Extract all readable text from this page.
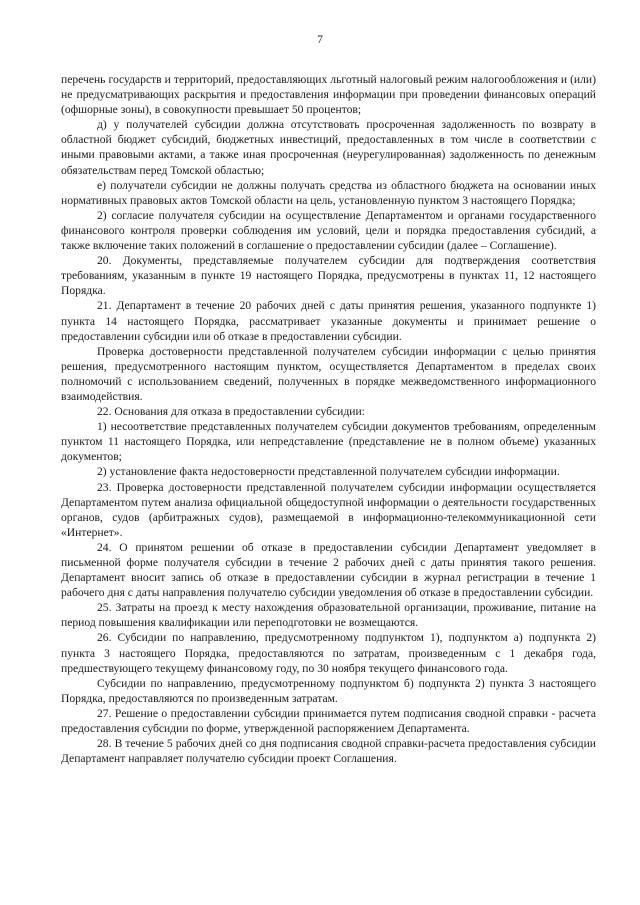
7

перечень государств и территорий, предоставляющих льготный налоговый режим налогообложения и (или) не предусматривающих раскрытия и предоставления информации при проведении финансовых операций (офшорные зоны), в совокупности превышает 50 процентов;

д) у получателей субсидии должна отсутствовать просроченная задолженность по возврату в областной бюджет субсидий, бюджетных инвестиций, предоставленных в том числе в соответствии с иными правовыми актами, а также иная просроченная (неурегулированная) задолженность по денежным обязательствам перед Томской областью;

е) получатели субсидии не должны получать средства из областного бюджета на основании иных нормативных правовых актов Томской области на цель, установленную пунктом 3 настоящего Порядка;

2) согласие получателя субсидии на осуществление Департаментом и органами государственного финансового контроля проверки соблюдения им условий, цели и порядка предоставления субсидий, а также включение таких положений в соглашение о предоставлении субсидии (далее – Соглашение).

20. Документы, представляемые получателем субсидии для подтверждения соответствия требованиям, указанным в пункте 19 настоящего Порядка, предусмотрены в пунктах 11, 12 настоящего Порядка.

21. Департамент в течение 20 рабочих дней с даты принятия решения, указанного подпункте 1) пункта 14 настоящего Порядка, рассматривает указанные документы и принимает решение о предоставлении субсидии или об отказе в предоставлении субсидии.

Проверка достоверности представленной получателем субсидии информации с целью принятия решения, предусмотренного настоящим пунктом, осуществляется Департаментом в пределах своих полномочий с использованием сведений, полученных в порядке межведомственного информационного взаимодействия.

22. Основания для отказа в предоставлении субсидии:

1) несоответствие представленных получателем субсидии документов требованиям, определенным пунктом 11 настоящего Порядка, или непредставление (представление не в полном объеме) указанных документов;

2) установление факта недостоверности представленной получателем субсидии информации.

23. Проверка достоверности представленной получателем субсидии информации осуществляется Департаментом путем анализа официальной общедоступной информации о деятельности государственных органов, судов (арбитражных судов), размещаемой в информационно-телекоммуникационной сети «Интернет».

24. О принятом решении об отказе в предоставлении субсидии Департамент уведомляет в письменной форме получателя субсидии в течение 2 рабочих дней с даты принятия такого решения. Департамент вносит запись об отказе в предоставлении субсидии в журнал регистрации в течение 1 рабочего дня с даты направления получателю субсидии уведомления об отказе в предоставлении субсидии.

25. Затраты на проезд к месту нахождения образовательной организации, проживание, питание на период повышения квалификации или переподготовки не возмещаются.

26. Субсидии по направлению, предусмотренному подпунктом 1), подпунктом а) подпункта 2) пункта 3 настоящего Порядка, предоставляются по затратам, произведенным с 1 декабря года, предшествующего текущему финансовому году, по 30 ноября текущего финансового года.

Субсидии по направлению, предусмотренному подпунктом б) подпункта 2) пункта 3 настоящего Порядка, предоставляются по произведенным затратам.

27. Решение о предоставлении субсидии принимается путем подписания сводной справки - расчета предоставления субсидии по форме, утвержденной распоряжением Департамента.

28. В течение 5 рабочих дней со дня подписания сводной справки-расчета предоставления субсидии Департамент направляет получателю субсидии проект Соглашения.
